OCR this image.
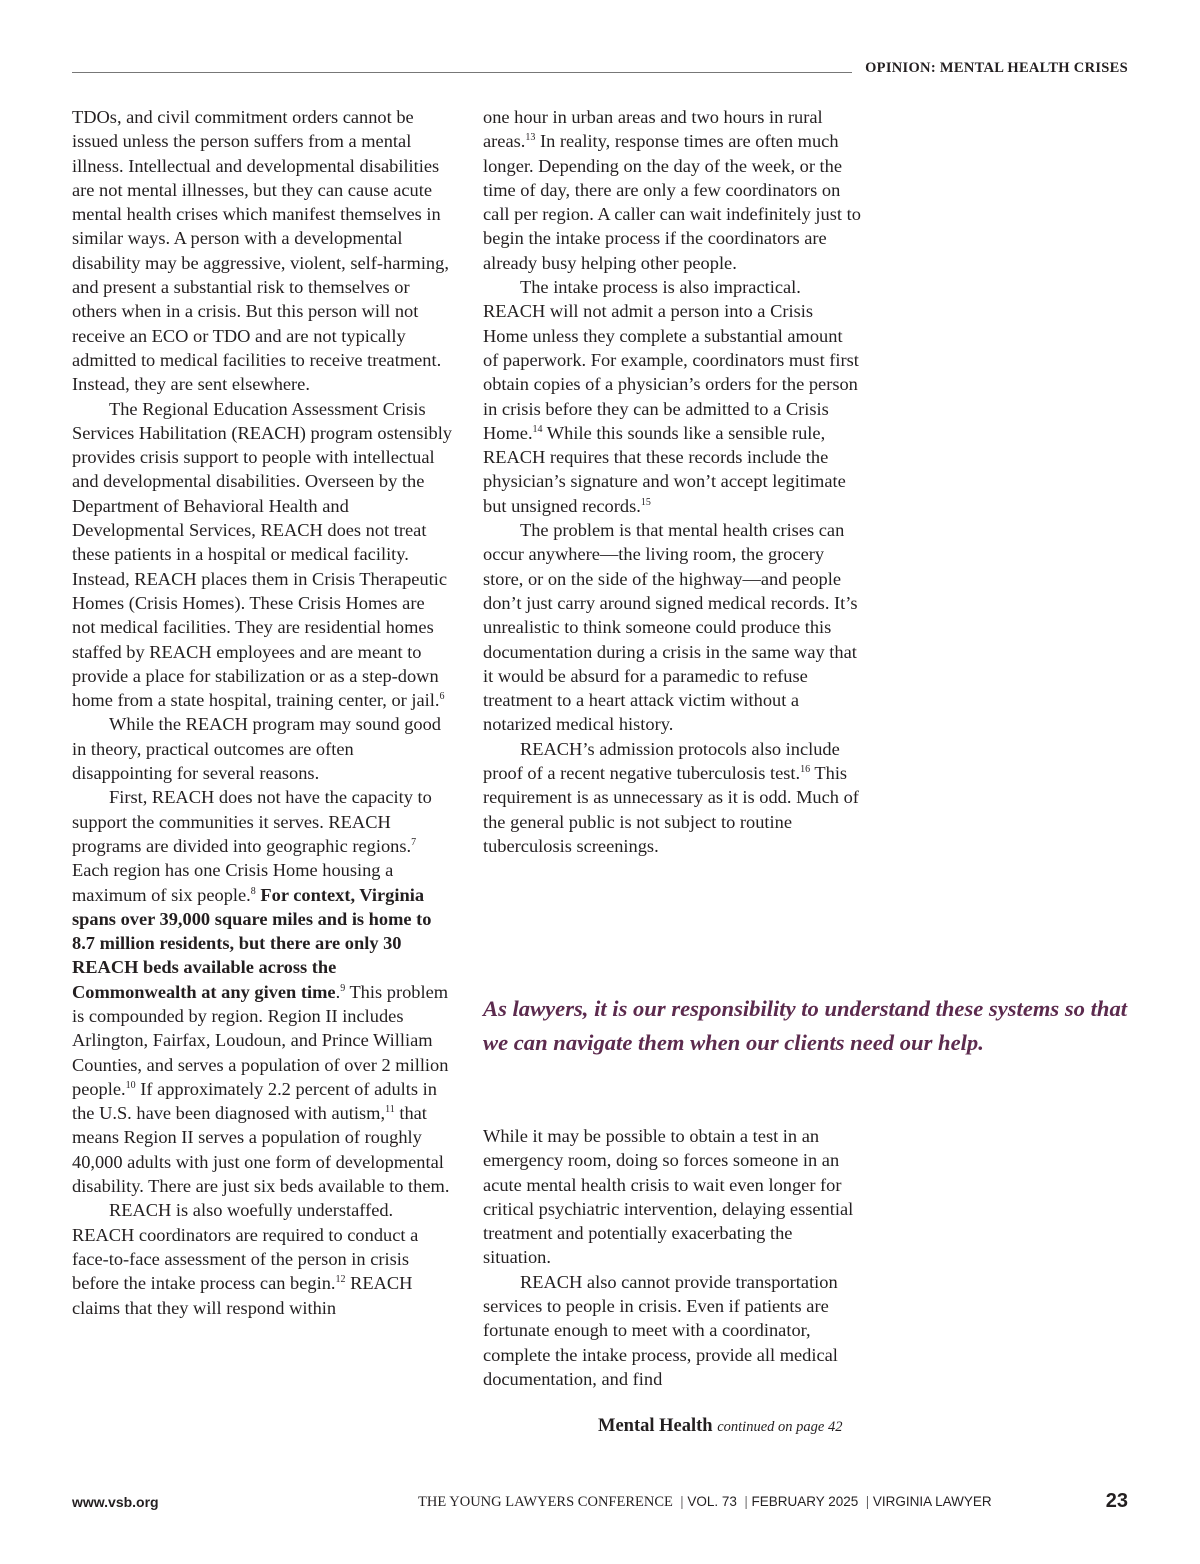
OPINION: MENTAL HEALTH CRISES

TDOs, and civil commitment orders cannot be issued unless the person suffers from a mental illness. Intellectual and developmental disabilities are not mental illnesses, but they can cause acute mental health crises which manifest themselves in similar ways. A person with a developmental disability may be aggressive, violent, self-harming, and present a substantial risk to themselves or others when in a crisis. But this person will not receive an ECO or TDO and are not typically admitted to medical facilities to receive treatment. Instead, they are sent elsewhere.

The Regional Education Assessment Crisis Services Habilitation (REACH) program ostensibly provides crisis support to people with intellectual and developmental disabilities. Overseen by the Department of Behavioral Health and Developmental Services, REACH does not treat these patients in a hospital or medical facility. Instead, REACH places them in Crisis Therapeutic Homes (Crisis Homes). These Crisis Homes are not medical facilities. They are residential homes staffed by REACH employees and are meant to provide a place for stabilization or as a step-down home from a state hospital, training center, or jail.$^6$

While the REACH program may sound good in theory, practical outcomes are often disappointing for several reasons.

First, REACH does not have the capacity to support the communities it serves. REACH programs are divided into geographic regions.$^7$ Each region has one Crisis Home housing a maximum of six people.$^8$ For context, Virginia spans over 39,000 square miles and is home to 8.7 million residents, but there are only 30 REACH beds available across the Commonwealth at any given time.$^9$ This problem is compounded by region. Region II includes Arlington, Fairfax, Loudoun, and Prince William Counties, and serves a population of over 2 million people.$^{10}$ If approximately 2.2 percent of adults in the U.S. have been diagnosed with autism,$^{11}$ that means Region II serves a population of roughly 40,000 adults with just one form of developmental disability. There are just six beds available to them.

REACH is also woefully understaffed. REACH coordinators are required to conduct a face-to-face assessment of the person in crisis before the intake process can begin.$^{12}$ REACH claims that they will respond within

one hour in urban areas and two hours in rural areas.$^{13}$ In reality, response times are often much longer. Depending on the day of the week, or the time of day, there are only a few coordinators on call per region. A caller can wait indefinitely just to begin the intake process if the coordinators are already busy helping other people.

The intake process is also impractical. REACH will not admit a person into a Crisis Home unless they complete a substantial amount of paperwork. For example, coordinators must first obtain copies of a physician’s orders for the person in crisis before they can be admitted to a Crisis Home.$^{14}$ While this sounds like a sensible rule, REACH requires that these records include the physician’s signature and won’t accept legitimate but unsigned records.$^{15}$

The problem is that mental health crises can occur anywhere—the living room, the grocery store, or on the side of the highway—and people don’t just carry around signed medical records. It’s unrealistic to think someone could produce this documentation during a crisis in the same way that it would be absurd for a paramedic to refuse treatment to a heart attack victim without a notarized medical history.

REACH’s admission protocols also include proof of a recent negative tuberculosis test.$^{16}$ This requirement is as unnecessary as it is odd. Much of the general public is not subject to routine tuberculosis screenings.

As lawyers, it is our responsibility to understand these systems so that we can navigate them when our clients need our help.

While it may be possible to obtain a test in an emergency room, doing so forces someone in an acute mental health crisis to wait even longer for critical psychiatric intervention, delaying essential treatment and potentially exacerbating the situation.

REACH also cannot provide transportation services to people in crisis. Even if patients are fortunate enough to meet with a coordinator, complete the intake process, provide all medical documentation, and find

Mental Health continued on page 42
www.vsb.org	THE YOUNG LAWYERS CONFERENCE | VOL. 73 | FEBRUARY 2025 | VIRGINIA LAWYER	23
